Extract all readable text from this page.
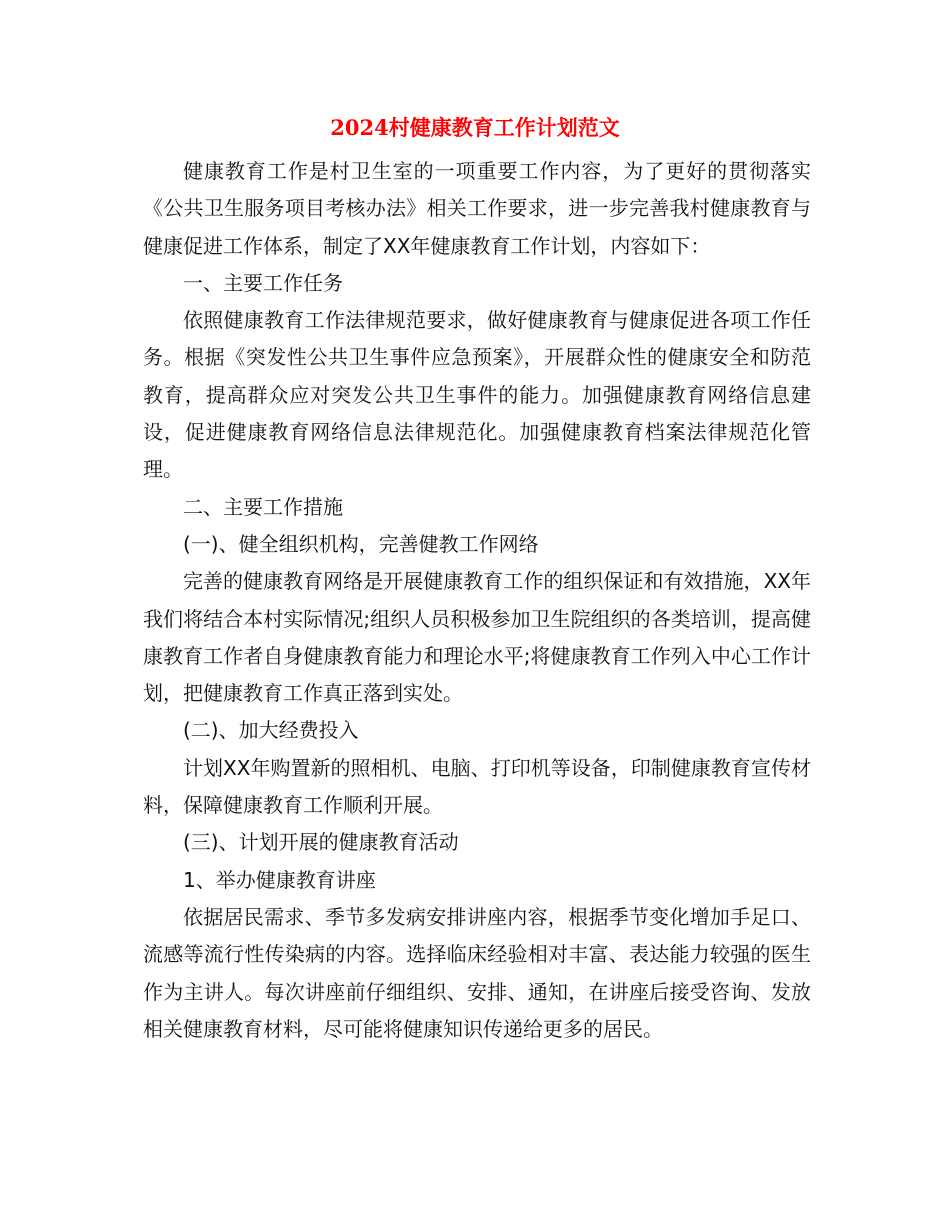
2024村健康教育工作计划范文

健康教育工作是村卫生室的一项重要工作内容，为了更好的贯彻落实《公共卫生服务项目考核办法》相关工作要求，进一步完善我村健康教育与健康促进工作体系，制定了XX年健康教育工作计划，内容如下：

一、主要工作任务

依照健康教育工作法律规范要求，做好健康教育与健康促进各项工作任务。根据《突发性公共卫生事件应急预案》，开展群众性的健康安全和防范教育，提高群众应对突发公共卫生事件的能力。加强健康教育网络信息建设，促进健康教育网络信息法律规范化。加强健康教育档案法律规范化管理。

二、主要工作措施

(一)、健全组织机构，完善健教工作网络

完善的健康教育网络是开展健康教育工作的组织保证和有效措施，XX年我们将结合本村实际情况;组织人员积极参加卫生院组织的各类培训，提高健康教育工作者自身健康教育能力和理论水平;将健康教育工作列入中心工作计划，把健康教育工作真正落到实处。

(二)、加大经费投入

计划XX年购置新的照相机、电脑、打印机等设备，印制健康教育宣传材料，保障健康教育工作顺利开展。

(三)、计划开展的健康教育活动

1、举办健康教育讲座

依据居民需求、季节多发病安排讲座内容，根据季节变化增加手足口、流感等流行性传染病的内容。选择临床经验相对丰富、表达能力较强的医生作为主讲人。每次讲座前仔细组织、安排、通知，在讲座后接受咨询、发放相关健康教育材料，尽可能将健康知识传递给更多的居民。
